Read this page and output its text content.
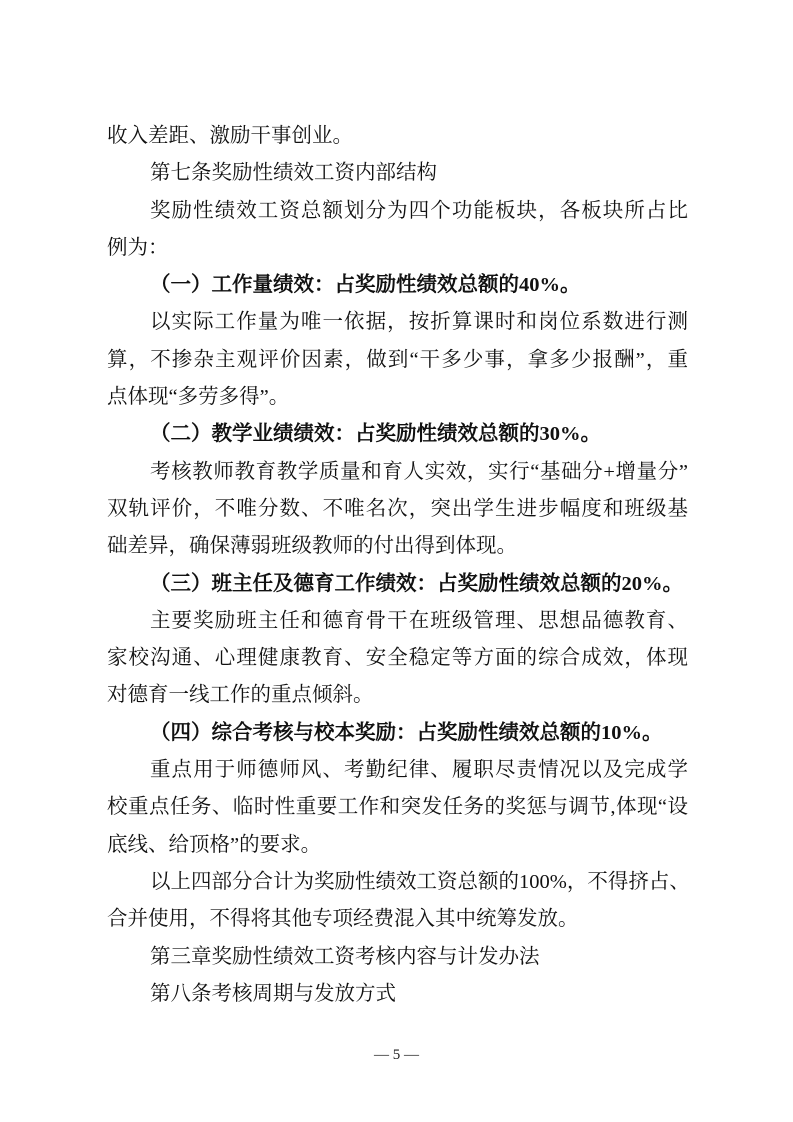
收入差距、激励干事创业。
第七条奖励性绩效工资内部结构
奖励性绩效工资总额划分为四个功能板块，各板块所占比
例为：
（一）工作量绩效：占奖励性绩效总额的40%。
以实际工作量为唯一依据，按折算课时和岗位系数进行测
算，不掺杂主观评价因素，做到“干多少事，拿多少报酬”，重
点体现“多劳多得”。
（二）教学业绩绩效：占奖励性绩效总额的30%。
考核教师教育教学质量和育人实效，实行“基础分+增量分”
双轨评价，不唯分数、不唯名次，突出学生进步幅度和班级基
础差异，确保薄弱班级教师的付出得到体现。
（三）班主任及德育工作绩效：占奖励性绩效总额的20%。
主要奖励班主任和德育骨干在班级管理、思想品德教育、
家校沟通、心理健康教育、安全稳定等方面的综合成效，体现
对德育一线工作的重点倾斜。
（四）综合考核与校本奖励：占奖励性绩效总额的10%。
重点用于师德师风、考勤纪律、履职尽责情况以及完成学
校重点任务、临时性重要工作和突发任务的奖惩与调节,体现“设
底线、给顶格”的要求。
以上四部分合计为奖励性绩效工资总额的100%，不得挤占、
合并使用，不得将其他专项经费混入其中统筹发放。
第三章奖励性绩效工资考核内容与计发办法
第八条考核周期与发放方式
— 5 —
